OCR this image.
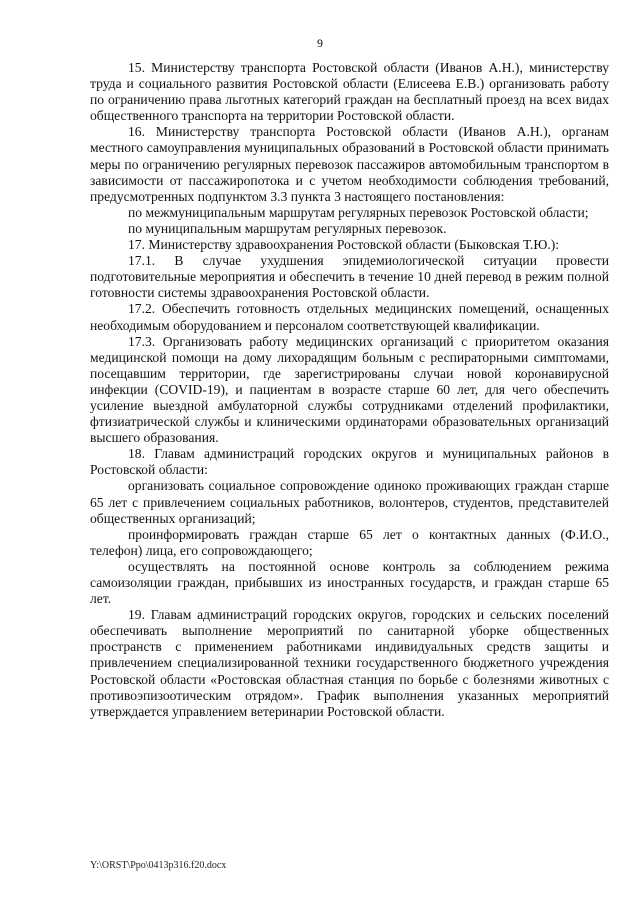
9

15. Министерству транспорта Ростовской области (Иванов А.Н.), министерству труда и социального развития Ростовской области (Елисеева Е.В.) организовать работу по ограничению права льготных категорий граждан на бесплатный проезд на всех видах общественного транспорта на территории Ростовской области.

16. Министерству транспорта Ростовской области (Иванов А.Н.), органам местного самоуправления муниципальных образований в Ростовской области принимать меры по ограничению регулярных перевозок пассажиров автомобильным транспортом в зависимости от пассажиропотока и с учетом необходимости соблюдения требований, предусмотренных подпунктом 3.3 пункта 3 настоящего постановления:

по межмуниципальным маршрутам регулярных перевозок Ростовской области;

по муниципальным маршрутам регулярных перевозок.

17. Министерству здравоохранения Ростовской области (Быковская Т.Ю.):

17.1. В случае ухудшения эпидемиологической ситуации провести подготовительные мероприятия и обеспечить в течение 10 дней перевод в режим полной готовности системы здравоохранения Ростовской области.

17.2. Обеспечить готовность отдельных медицинских помещений, оснащенных необходимым оборудованием и персоналом соответствующей квалификации.

17.3. Организовать работу медицинских организаций с приоритетом оказания медицинской помощи на дому лихорадящим больным с респираторными симптомами, посещавшим территории, где зарегистрированы случаи новой коронавирусной инфекции (COVID-19), и пациентам в возрасте старше 60 лет, для чего обеспечить усиление выездной амбулаторной службы сотрудниками отделений профилактики, фтизиатрической службы и клиническими ординаторами образовательных организаций высшего образования.

18. Главам администраций городских округов и муниципальных районов в Ростовской области:

организовать социальное сопровождение одиноко проживающих граждан старше 65 лет с привлечением социальных работников, волонтеров, студентов, представителей общественных организаций;

проинформировать граждан старше 65 лет о контактных данных (Ф.И.О., телефон) лица, его сопровождающего;

осуществлять на постоянной основе контроль за соблюдением режима самоизоляции граждан, прибывших из иностранных государств, и граждан старше 65 лет.

19. Главам администраций городских округов, городских и сельских поселений обеспечивать выполнение мероприятий по санитарной уборке общественных пространств с применением работниками индивидуальных средств защиты и привлечением специализированной техники государственного бюджетного учреждения Ростовской области «Ростовская областная станция по борьбе с болезнями животных с противоэпизоотическим отрядом». График выполнения указанных мероприятий утверждается управлением ветеринарии Ростовской области.

Y:\ORST\Ppo\0413p316.f20.docx
